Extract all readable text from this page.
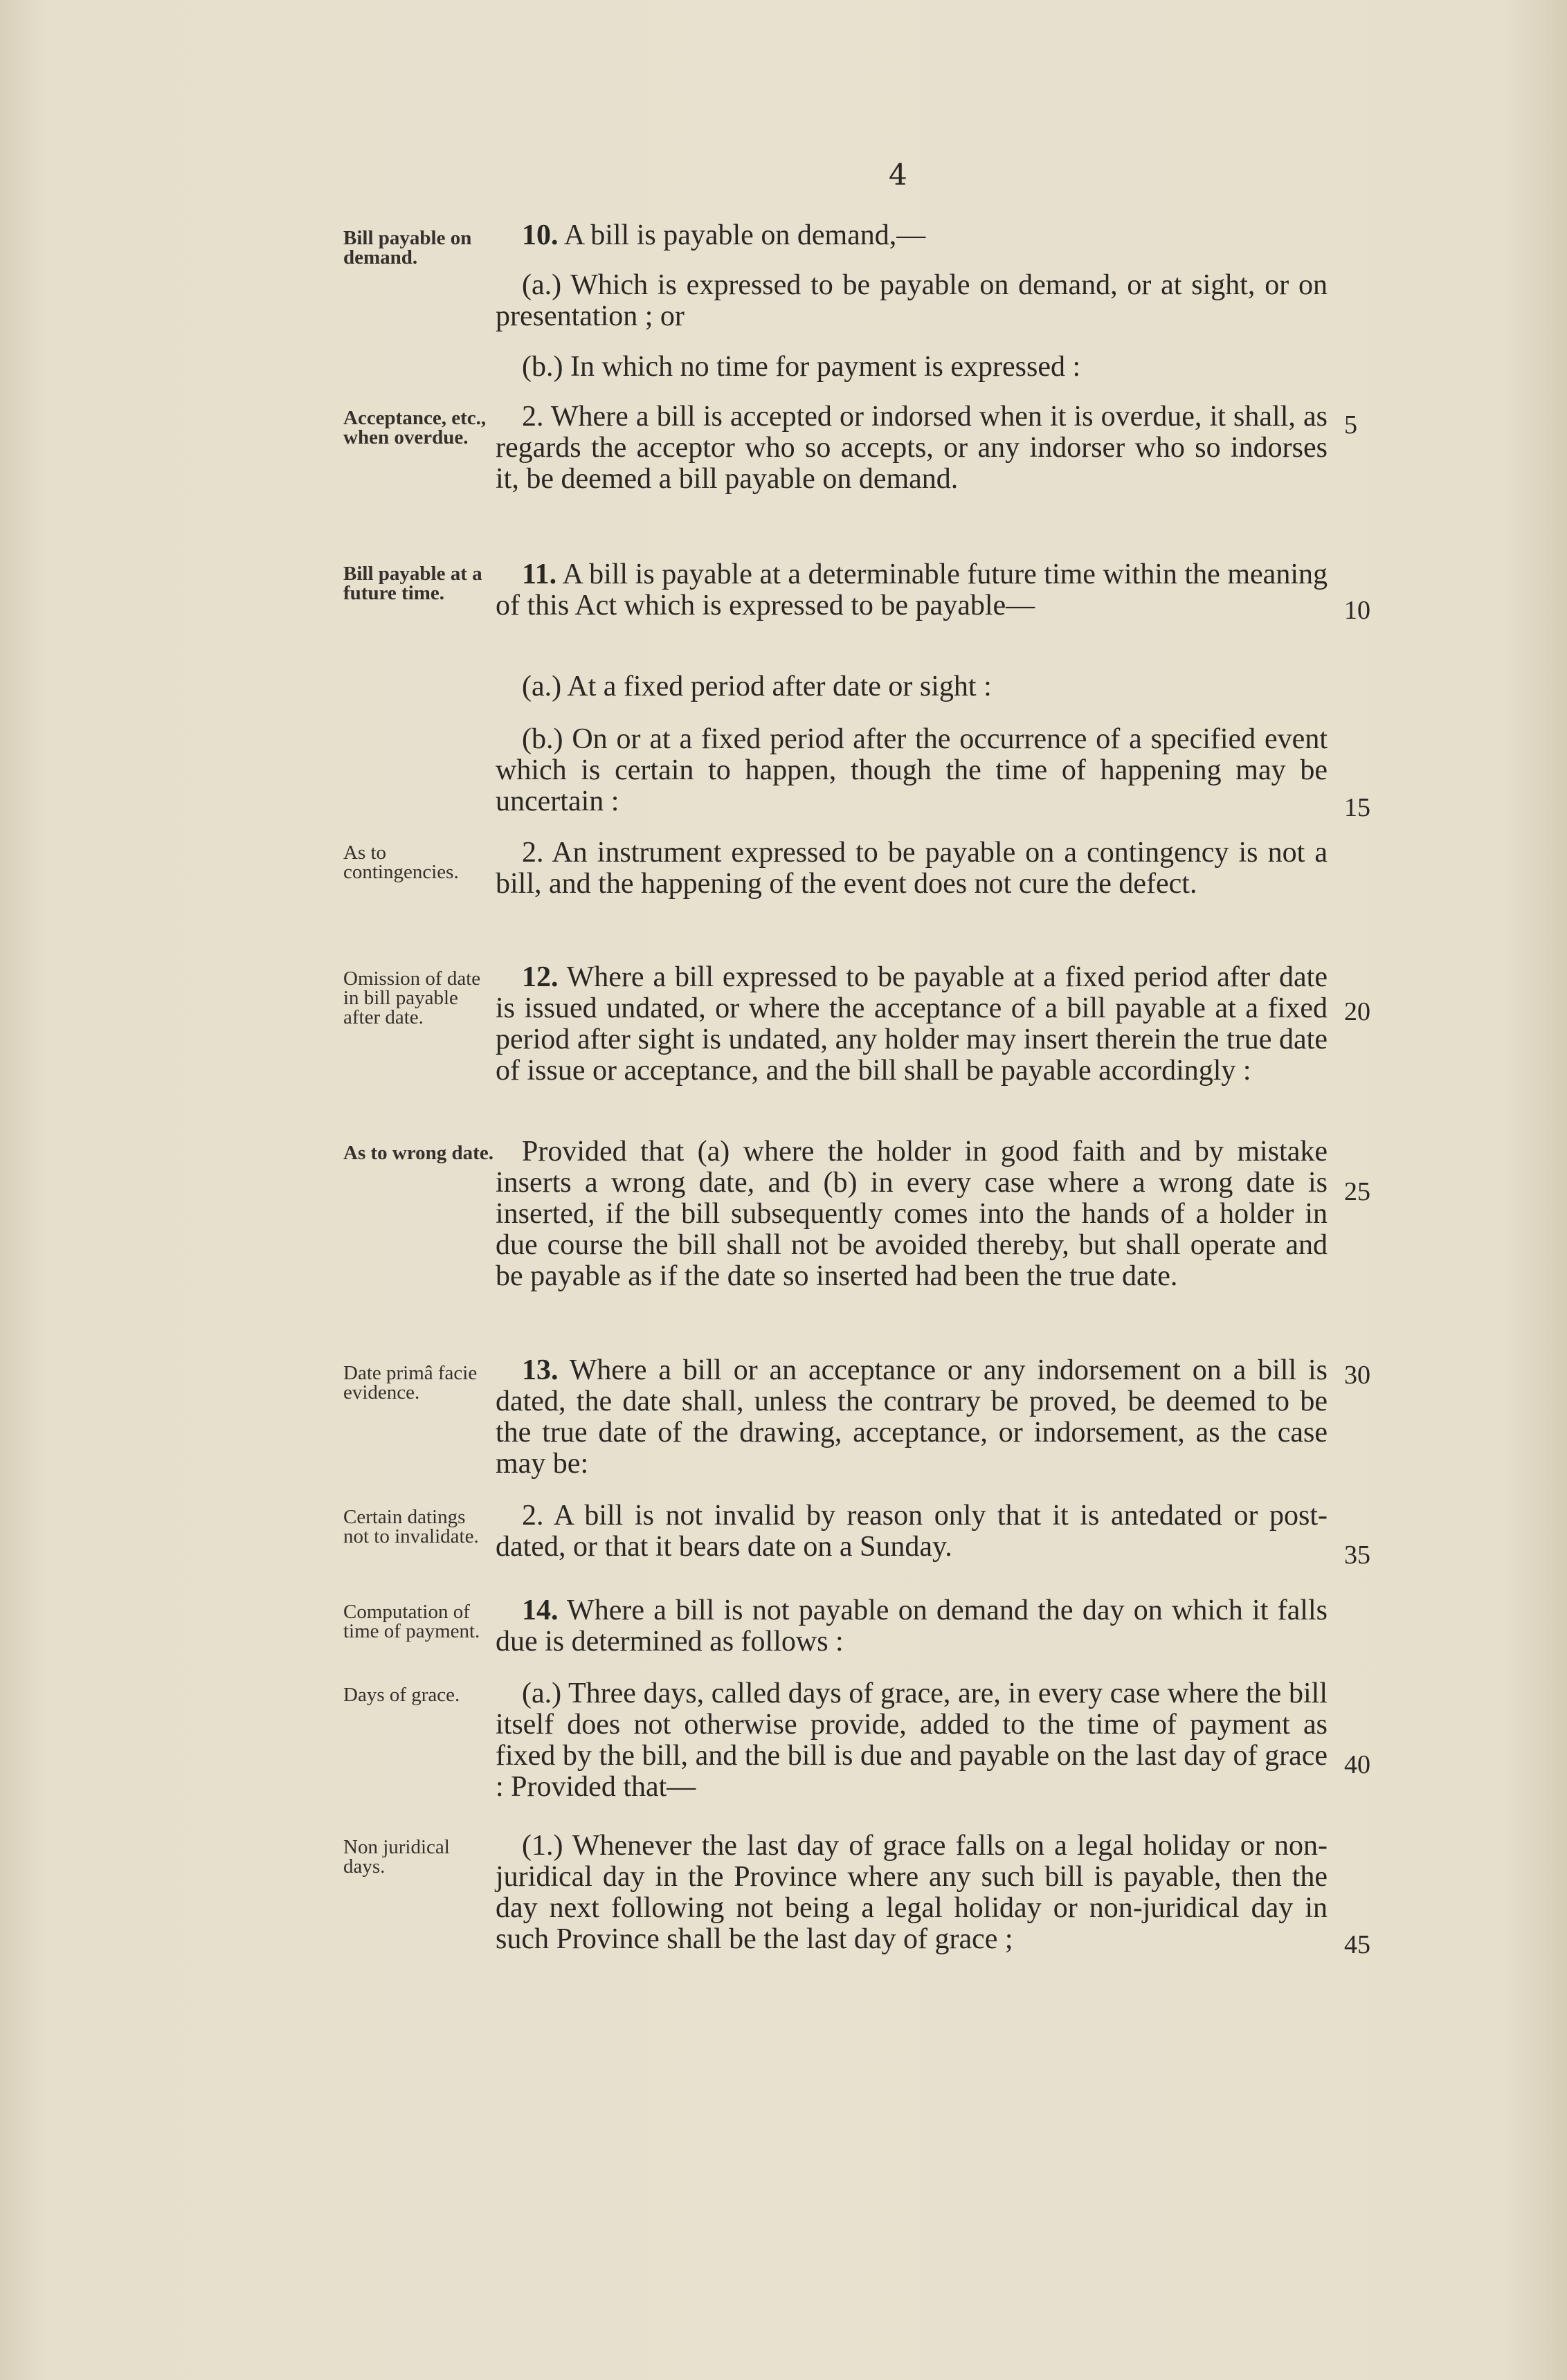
4
Bill payable on demand.
Acceptance, etc., when overdue.
Bill payable at a future time.
As to contingencies.
Omission of date in bill payable after date.
As to wrong date.
Date primâ facie evidence.
Certain datings not to invalidate.
Computation of time of payment.
Days of grace.
Non juridical days.
10. A bill is payable on demand,—
(a.) Which is expressed to be payable on demand, or at sight, or on presentation ; or
(b.) In which no time for payment is expressed :
2. Where a bill is accepted or indorsed when it is overdue, it shall, as regards the acceptor who so accepts, or any indorser who so indorses it, be deemed a bill payable on demand.
11. A bill is payable at a determinable future time within the meaning of this Act which is expressed to be payable—
(a.) At a fixed period after date or sight :
(b.) On or at a fixed period after the occurrence of a specified event which is certain to happen, though the time of happening may be uncertain :
2. An instrument expressed to be payable on a contingency is not a bill, and the happening of the event does not cure the defect.
12. Where a bill expressed to be payable at a fixed period after date is issued undated, or where the acceptance of a bill payable at a fixed period after sight is undated, any holder may insert therein the true date of issue or acceptance, and the bill shall be payable accordingly :
Provided that (a) where the holder in good faith and by mistake inserts a wrong date, and (b) in every case where a wrong date is inserted, if the bill subsequently comes into the hands of a holder in due course the bill shall not be avoided thereby, but shall operate and be payable as if the date so inserted had been the true date.
13. Where a bill or an acceptance or any indorsement on a bill is dated, the date shall, unless the contrary be proved, be deemed to be the true date of the drawing, acceptance, or indorsement, as the case may be:
2. A bill is not invalid by reason only that it is antedated or post-dated, or that it bears date on a Sunday.
14. Where a bill is not payable on demand the day on which it falls due is determined as follows :
(a.) Three days, called days of grace, are, in every case where the bill itself does not otherwise provide, added to the time of payment as fixed by the bill, and the bill is due and payable on the last day of grace : Provided that—
(1.) Whenever the last day of grace falls on a legal holiday or non-juridical day in the Province where any such bill is payable, then the day next following not being a legal holiday or non-juridical day in such Province shall be the last day of grace ;
5
10
15
20
25
30
35
40
45
